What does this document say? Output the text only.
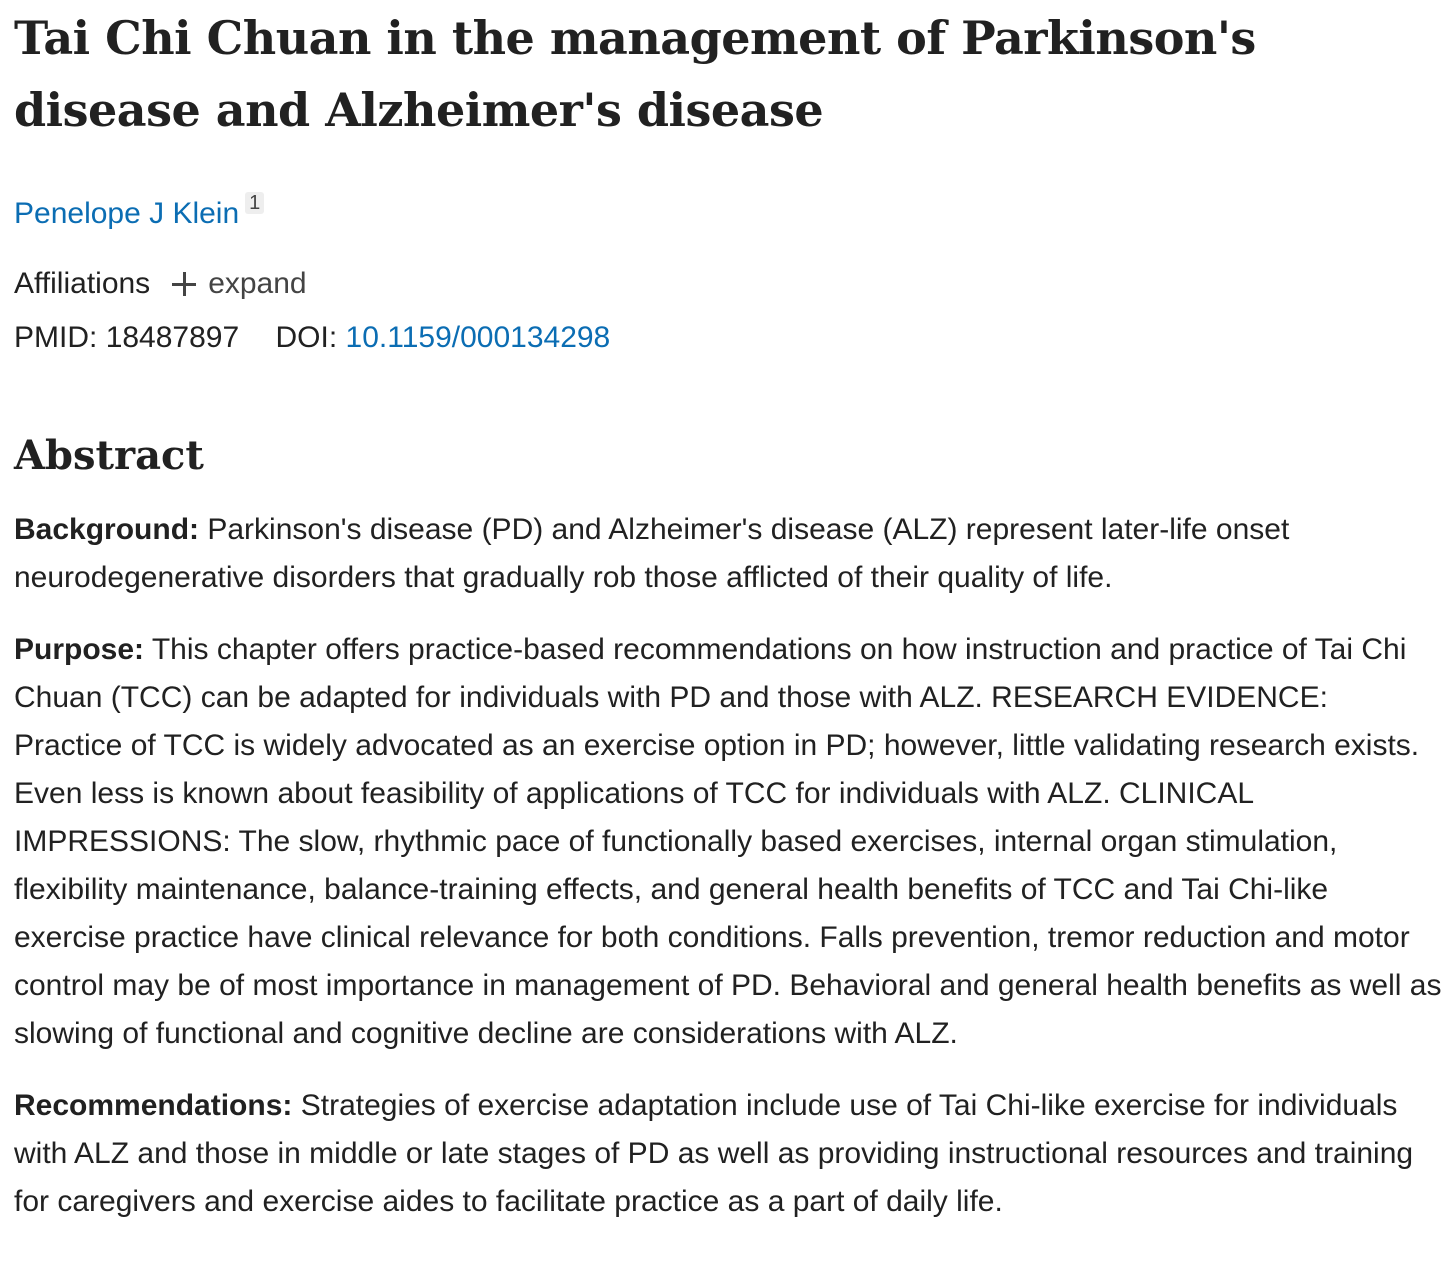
Tai Chi Chuan in the management of Parkinson's disease and Alzheimer's disease
Penelope J Klein 1
Affiliations expand
PMID: 18487897 DOI: 10.1159/000134298
Abstract

Background: Parkinson's disease (PD) and Alzheimer's disease (ALZ) represent later-life onset neurodegenerative disorders that gradually rob those afflicted of their quality of life.

Purpose: This chapter offers practice-based recommendations on how instruction and practice of Tai Chi Chuan (TCC) can be adapted for individuals with PD and those with ALZ. RESEARCH EVIDENCE: Practice of TCC is widely advocated as an exercise option in PD; however, little validating research exists. Even less is known about feasibility of applications of TCC for individuals with ALZ. CLINICAL IMPRESSIONS: The slow, rhythmic pace of functionally based exercises, internal organ stimulation, flexibility maintenance, balance-training effects, and general health benefits of TCC and Tai Chi-like exercise practice have clinical relevance for both conditions. Falls prevention, tremor reduction and motor control may be of most importance in management of PD. Behavioral and general health benefits as well as slowing of functional and cognitive decline are considerations with ALZ.

Recommendations: Strategies of exercise adaptation include use of Tai Chi-like exercise for individuals with ALZ and those in middle or late stages of PD as well as providing instructional resources and training for caregivers and exercise aides to facilitate practice as a part of daily life.
